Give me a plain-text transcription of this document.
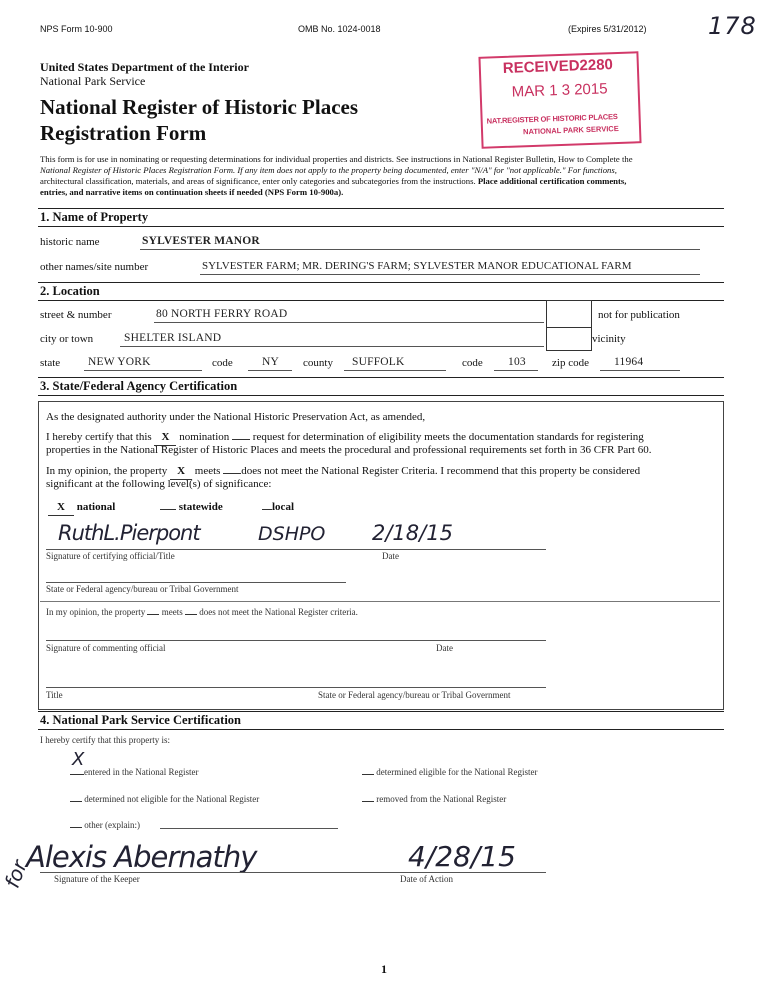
NPS Form 10-900	OMB No. 1024-0018	(Expires 5/31/2012)	178
United States Department of the Interior
National Park Service
National Register of Historic Places
Registration Form
RECEIVED2280
MAR 1 3 2015
NAT.REGISTER OF HISTORIC PLACES
NATIONAL PARK SERVICE
This form is for use in nominating or requesting determinations for individual properties and districts. See instructions in National Register Bulletin, How to Complete the
National Register of Historic Places Registration Form. If any item does not apply to the property being documented, enter "N/A" for "not applicable." For functions,
architectural classification, materials, and areas of significance, enter only categories and subcategories from the instructions. Place additional certification comments,
entries, and narrative items on continuation sheets if needed (NPS Form 10-900a).
1. Name of Property
historic name	SYLVESTER MANOR
other names/site number	SYLVESTER FARM; MR. DERING'S FARM; SYLVESTER MANOR EDUCATIONAL FARM
2. Location
street & number	80 NORTH FERRY ROAD	not for publication
city or town	SHELTER ISLAND	vicinity
state NEW YORK	code	NY county SUFFOLK	code 103 zip code 11964
3. State/Federal Agency Certification
As the designated authority under the National Historic Preservation Act, as amended,
I hereby certify that this X nomination request for determination of eligibility meets the documentation standards for registering
properties in the National Register of Historic Places and meets the procedural and professional requirements set forth in 36 CFR Part 60.
In my opinion, the property X meets does not meet the National Register Criteria. I recommend that this property be considered
significant at the following level(s) of significance:
X national	statewide	local
RuthL.Pierpont	DSHPO 2/18/15
Signature of certifying official/Title	Date
State or Federal agency/bureau or Tribal Government
In my opinion, the property meets does not meet the National Register criteria.
Signature of commenting official	Date
Title	State or Federal agency/bureau or Tribal Government
4. National Park Service Certification
I hereby certify that this property is:
X
entered in the National Register	determined eligible for the National Register
determined not eligible for the National Register	removed from the National Register
other (explain:)
for
Alexis Abernathy	4/28/15
Signature of the Keeper	Date of Action
1
